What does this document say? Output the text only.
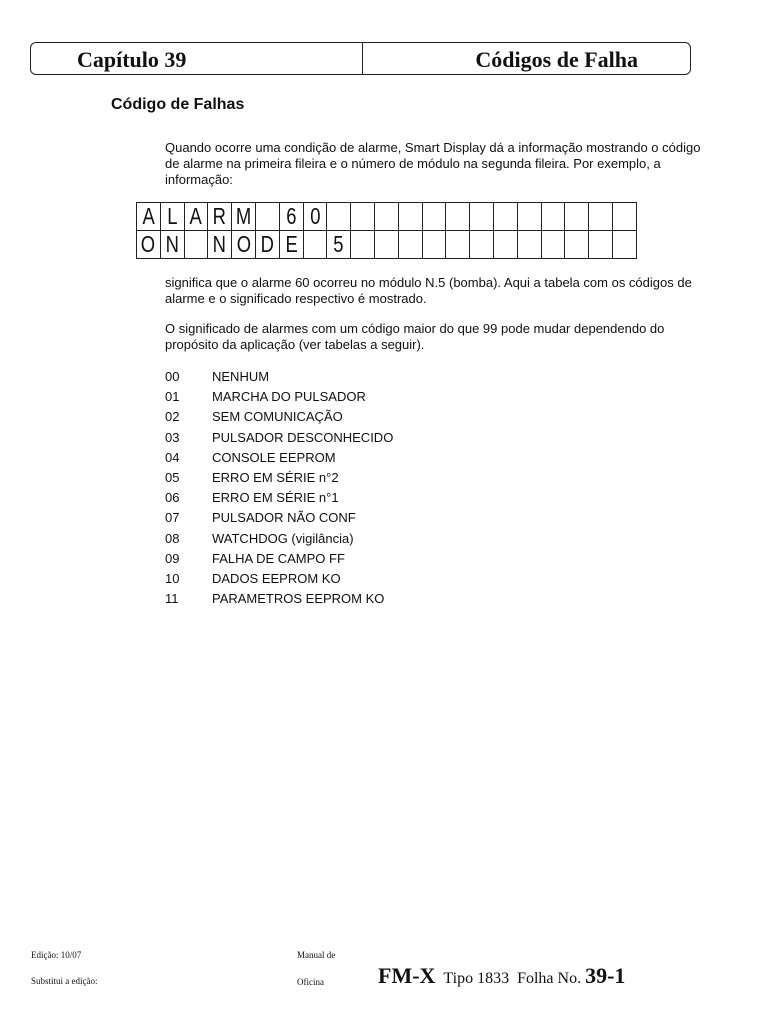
Capítulo 39	Códigos de Falha
Código de Falhas
Quando ocorre uma condição de alarme, Smart Display dá a informação mostrando o código de alarme na primeira fileira e o número de módulo na segunda fileira. Por exemplo, a informação:
A	L	A	R	M		6	0													
O	N		N	O	D	E		5												
significa que o alarme 60 ocorreu no módulo N.5 (bomba). Aqui a tabela com os códigos de alarme e o significado respectivo é mostrado.
O significado de alarmes com um código maior do que 99 pode mudar dependendo do propósito da aplicação (ver tabelas a seguir).
00	NENHUM
01	MARCHA DO PULSADOR
02	SEM COMUNICAÇÃO
03	PULSADOR DESCONHECIDO
04	CONSOLE EEPROM
05	ERRO EM SÉRIE n°2
06	ERRO EM SÉRIE n°1
07	PULSADOR NÃO CONF
08	WATCHDOG (vigilância)
09	FALHA DE CAMPO FF
10	DADOS EEPROM KO
11	PARAMETROS EEPROM KO
Edição: 10/07
Substitui a edição:
Manual de
Oficina FM-X Tipo 1833 Folha No. 39-1
